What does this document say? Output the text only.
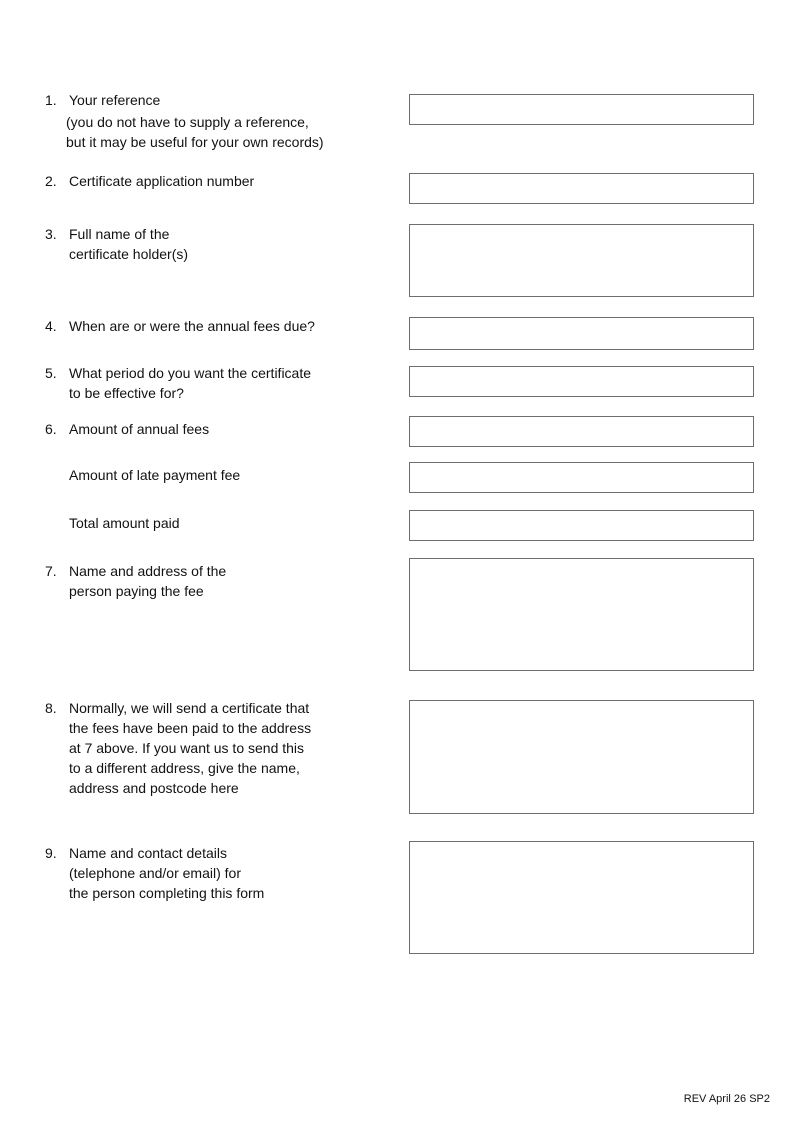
1. Your reference
(you do not have to supply a reference,
but it may be useful for your own records)
2. Certificate application number
3. Full name of the
certificate holder(s)
4. When are or were the annual fees due?
5. What period do you want the certificate
to be effective for?
6. Amount of annual fees
Amount of late payment fee
Total amount paid
7. Name and address of the
person paying the fee
8. Normally, we will send a certificate that
the fees have been paid to the address
at 7 above. If you want us to send this
to a different address, give the name,
address and postcode here
9. Name and contact details
(telephone and/or email) for
the person completing this form
REV April 26 SP2
